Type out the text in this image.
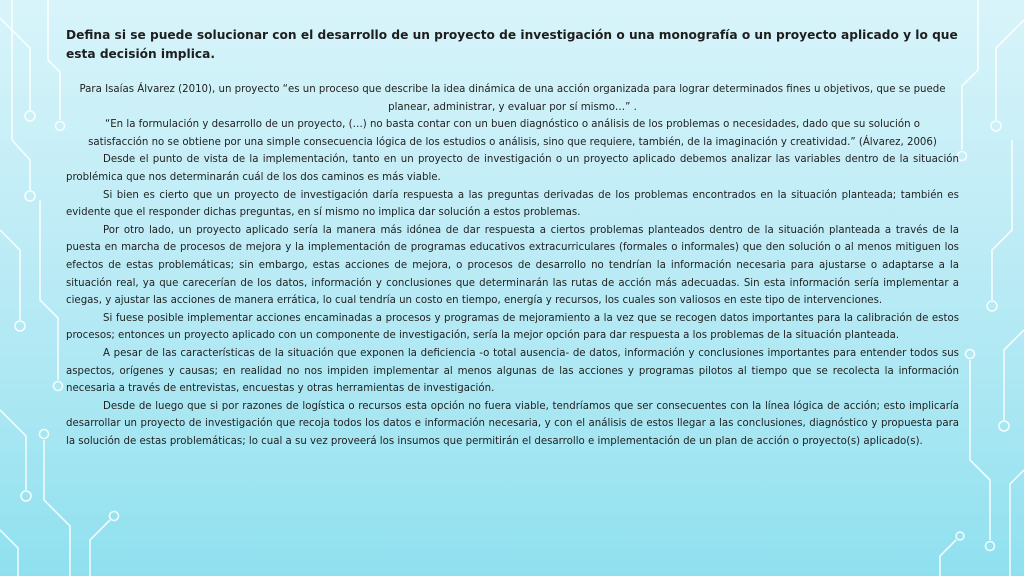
Defina si se puede solucionar con el desarrollo de un proyecto de investigación o una monografía o un proyecto aplicado y lo que esta decisión implica.

Para Isaías Álvarez (2010), un proyecto “es un proceso que describe la idea dinámica de una acción organizada para lograr determinados fines u objetivos, que se puede planear, administrar, y evaluar por sí mismo…” .

“En la formulación y desarrollo de un proyecto, (…) no basta contar con un buen diagnóstico o análisis de los problemas o necesidades, dado que su solución o satisfacción no se obtiene por una simple consecuencia lógica de los estudios o análisis, sino que requiere, también, de la imaginación y creatividad.” (Álvarez, 2006)

Desde el punto de vista de la implementación, tanto en un proyecto de investigación o un proyecto aplicado debemos analizar las variables dentro de la situación problémica que nos determinarán cuál de los dos caminos es más viable.

Si bien es cierto que un proyecto de investigación daría respuesta a las preguntas derivadas de los problemas encontrados en la situación planteada; también es evidente que el responder dichas preguntas, en sí mismo no implica dar solución a estos problemas.

Por otro lado, un proyecto aplicado sería la manera más idónea de dar respuesta a ciertos problemas planteados dentro de la situación planteada a través de la puesta en marcha de procesos de mejora y la implementación de programas educativos extracurriculares (formales o informales) que den solución o al menos mitiguen los efectos de estas problemáticas; sin embargo, estas acciones de mejora, o procesos de desarrollo no tendrían la información necesaria para ajustarse o adaptarse a la situación real, ya que carecerían de los datos, información y conclusiones que determinarán las rutas de acción más adecuadas. Sin esta información sería implementar a ciegas, y ajustar las acciones de manera errática, lo cual tendría un costo en tiempo, energía y recursos, los cuales son valiosos en este tipo de intervenciones.

Si fuese posible implementar acciones encaminadas a procesos y programas de mejoramiento a la vez que se recogen datos importantes para la calibración de estos procesos; entonces un proyecto aplicado con un componente de investigación, sería la mejor opción para dar respuesta a los problemas de la situación planteada.

A pesar de las características de la situación que exponen la deficiencia -o total ausencia- de datos, información y conclusiones importantes para entender todos sus aspectos, orígenes y causas; en realidad no nos impiden implementar al menos algunas de las acciones y programas pilotos al tiempo que se recolecta la información necesaria a través de entrevistas, encuestas y otras herramientas de investigación.

Desde de luego que si por razones de logística o recursos esta opción no fuera viable, tendríamos que ser consecuentes con la línea lógica de acción; esto implicaría desarrollar un proyecto de investigación que recoja todos los datos e información necesaria, y con el análisis de estos llegar a las conclusiones, diagnóstico y propuesta para la solución de estas problemáticas; lo cual a su vez proveerá los insumos que permitirán el desarrollo e implementación de un plan de acción o proyecto(s) aplicado(s).
